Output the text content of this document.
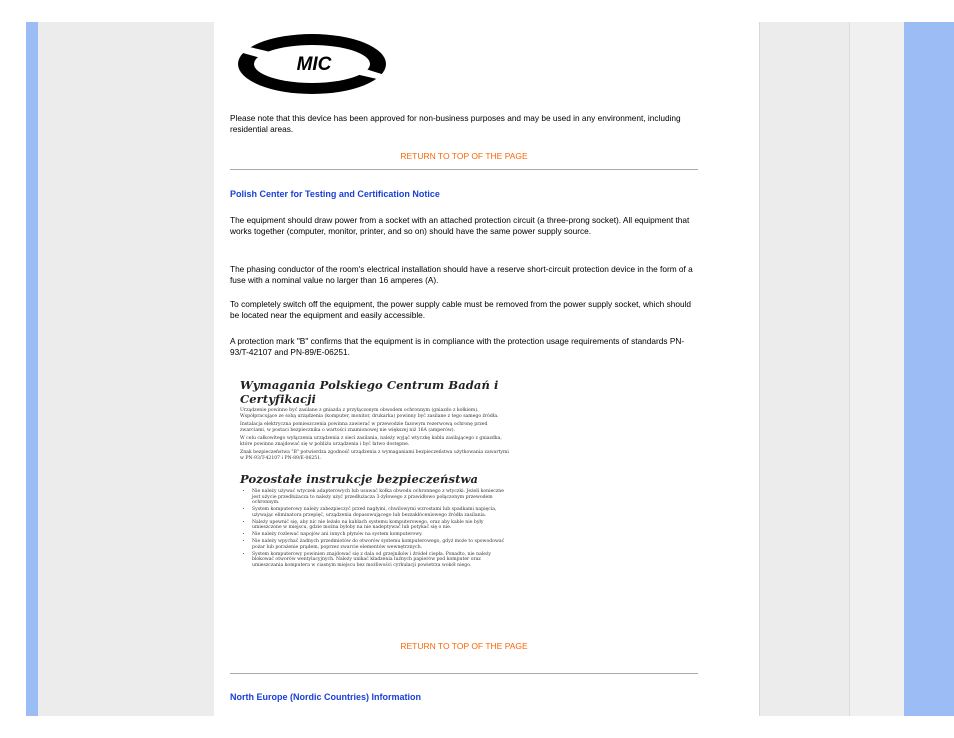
MIC

Please note that this device has been approved for non-business purposes and may be used in any environment, including residential areas.

RETURN TO TOP OF THE PAGE
Polish Center for Testing and Certification Notice

The equipment should draw power from a socket with an attached protection circuit (a three-prong socket). All equipment that works together (computer, monitor, printer, and so on) should have the same power supply source.

The phasing conductor of the room's electrical installation should have a reserve short-circuit protection device in the form of a fuse with a nominal value no larger than 16 amperes (A).

To completely switch off the equipment, the power supply cable must be removed from the power supply socket, which should be located near the equipment and easily accessible.

A protection mark "B" confirms that the equipment is in compliance with the protection usage requirements of standards PN-93/T-42107 and PN-89/E-06251.

Wymagania Polskiego Centrum Badań i Certyfikacji

Urządzenie powinno być zasilane z gniazda z przyłączonym obwodem ochronnym (gniazdo z kołkiem). Współpracujące ze sobą urządzenia (komputer, monitor, drukarka) powinny być zasilane z tego samego źródła.

Instalacja elektryczna pomieszczenia powinna zawierać w przewodzie fazowym rezerwową ochronę przed zwarciami, w postaci bezpiecznika o wartości znamionowej nie większej niż 16A (amperów).

W celu całkowitego wyłączenia urządzenia z sieci zasilania, należy wyjąć wtyczkę kabla zasilającego z gniazdka, które powinno znajdować się w pobliżu urządzenia i być łatwo dostępne.

Znak bezpieczeństwa "B" potwierdza zgodność urządzenia z wymaganiami bezpieczeństwa użytkowania zawartymi w PN-93/T-42107 i PN-89/E-06251.

Pozostałe instrukcje bezpieczeństwa
• Nie należy używać wtyczek adapterowych lub usuwać kołka obwodu ochronnego z wtyczki. Jeżeli konieczne jest użycie przedłużacza to należy użyć przedłużacza 3-żyłowego z prawidłowo połączonym przewodem ochronnym.
• System komputerowy należy zabezpieczyć przed nagłymi, chwilowymi wzrostami lub spadkami napięcia, używając eliminatora przepięć, urządzenia dopasowującego lub bezzakłóceniowego źródła zasilania.
• Należy upewnić się, aby nic nie leżało na kablach systemu komputerowego, oraz aby kable nie były umieszczone w miejscu, gdzie można byłoby na nie nadeptywać lub potykać się o nie.
• Nie należy rozlewać napojów ani innych płynów na system komputerowy.
• Nie należy wpychać żadnych przedmiotów do otworów systemu komputerowego, gdyż może to spowodować pożar lub porażenie prądem, poprzez zwarcie elementów wewnętrznych.
• System komputerowy powinien znajdować się z dala od grzejników i źródeł ciepła. Ponadto, nie należy blokować otworów wentylacyjnych. Należy unikać kładzenia luźnych papierów pod komputer oraz umieszczania komputera w ciasnym miejscu bez możliwości cyrkulacji powietrza wokół niego.
RETURN TO TOP OF THE PAGE
North Europe (Nordic Countries) Information
